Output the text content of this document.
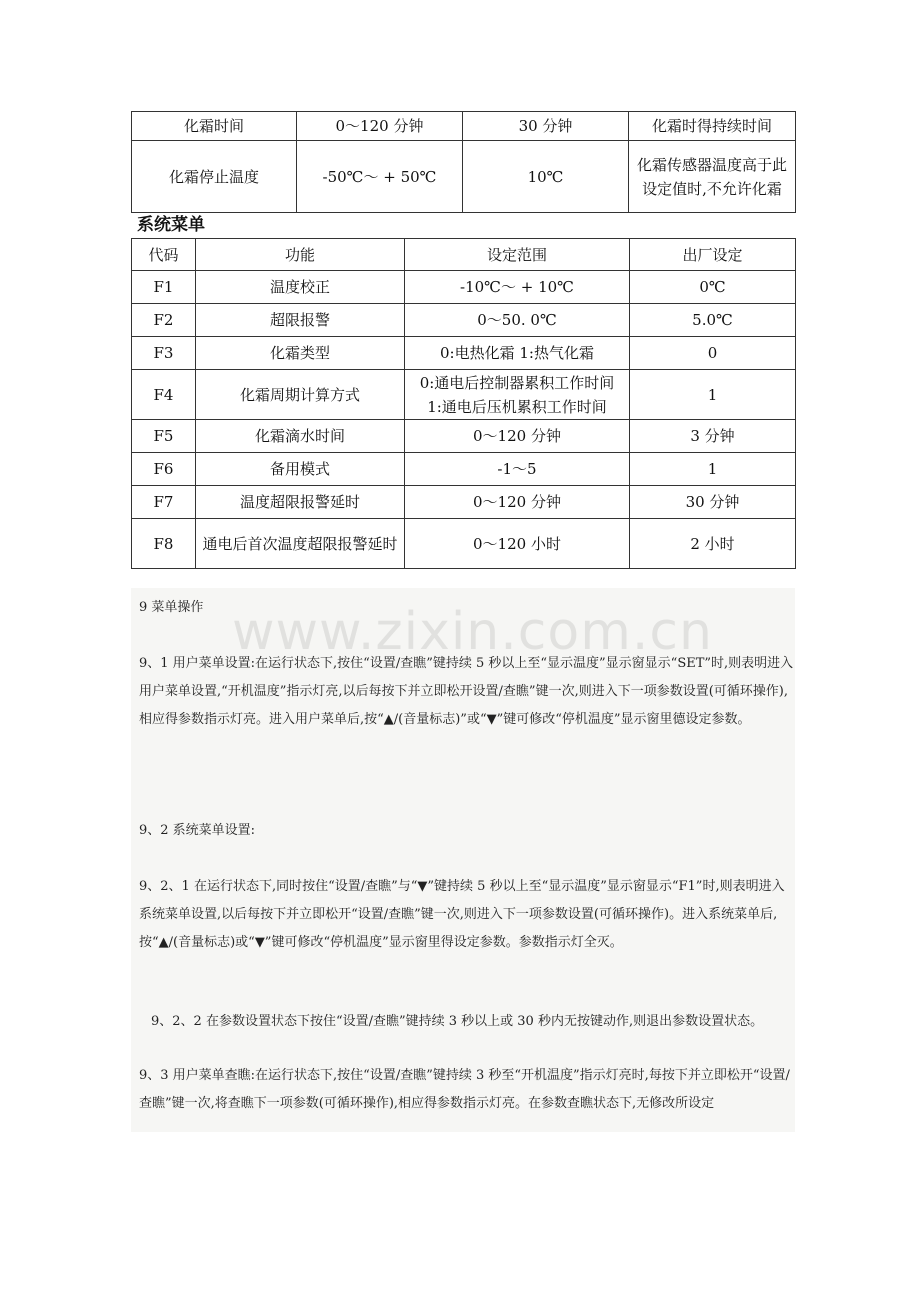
化霜时间	0～120 分钟	30 分钟	化霜时得持续时间
化霜停止温度	-50℃～ + 50℃	10℃	化霜传感器温度高于此设定值时,不允许化霜
系统菜单
代码	功能	设定范围	出厂设定
F1	温度校正	-10℃～ + 10℃	0℃
F2	超限报警	0～50. 0℃	5.0℃
F3	化霜类型	0:电热化霜 1:热气化霜	0
F4	化霜周期计算方式	0:通电后控制器累积工作时间 1:通电后压机累积工作时间	1
F5	化霜滴水时间	0～120 分钟	3 分钟
F6	备用模式	-1～5	1
F7	温度超限报警延时	0～120 分钟	30 分钟
F8	通电后首次温度超限报警延时	0～120 小时	2 小时
www.zixin.com.cn

9 菜单操作

9、1 用户菜单设置:在运行状态下,按住“设置/查瞧”键持续 5 秒以上至“显示温度”显示窗显示“SET”时,则表明进入用户菜单设置,“开机温度”指示灯亮,以后每按下并立即松开设置/查瞧”键一次,则进入下一项参数设置(可循环操作),相应得参数指示灯亮。进入用户菜单后,按“▲/(音量标志)”或“▼”键可修改“停机温度”显示窗里德设定参数。

9、2 系统菜单设置:

9、2、1 在运行状态下,同时按住“设置/查瞧”与“▼”键持续 5 秒以上至“显示温度”显示窗显示“F1”时,则表明进入系统菜单设置,以后每按下并立即松开“设置/查瞧”键一次,则进入下一项参数设置(可循环操作)。进入系统菜单后,按“▲/(音量标志)或“▼”键可修改“停机温度”显示窗里得设定参数。参数指示灯全灭。

9、2、2 在参数设置状态下按住“设置/查瞧”键持续 3 秒以上或 30 秒内无按键动作,则退出参数设置状态。

9、3 用户菜单查瞧:在运行状态下,按住“设置/查瞧”键持续 3 秒至“开机温度”指示灯亮时,每按下并立即松开“设置/查瞧”键一次,将查瞧下一项参数(可循环操作),相应得参数指示灯亮。在参数查瞧状态下,无修改所设定
